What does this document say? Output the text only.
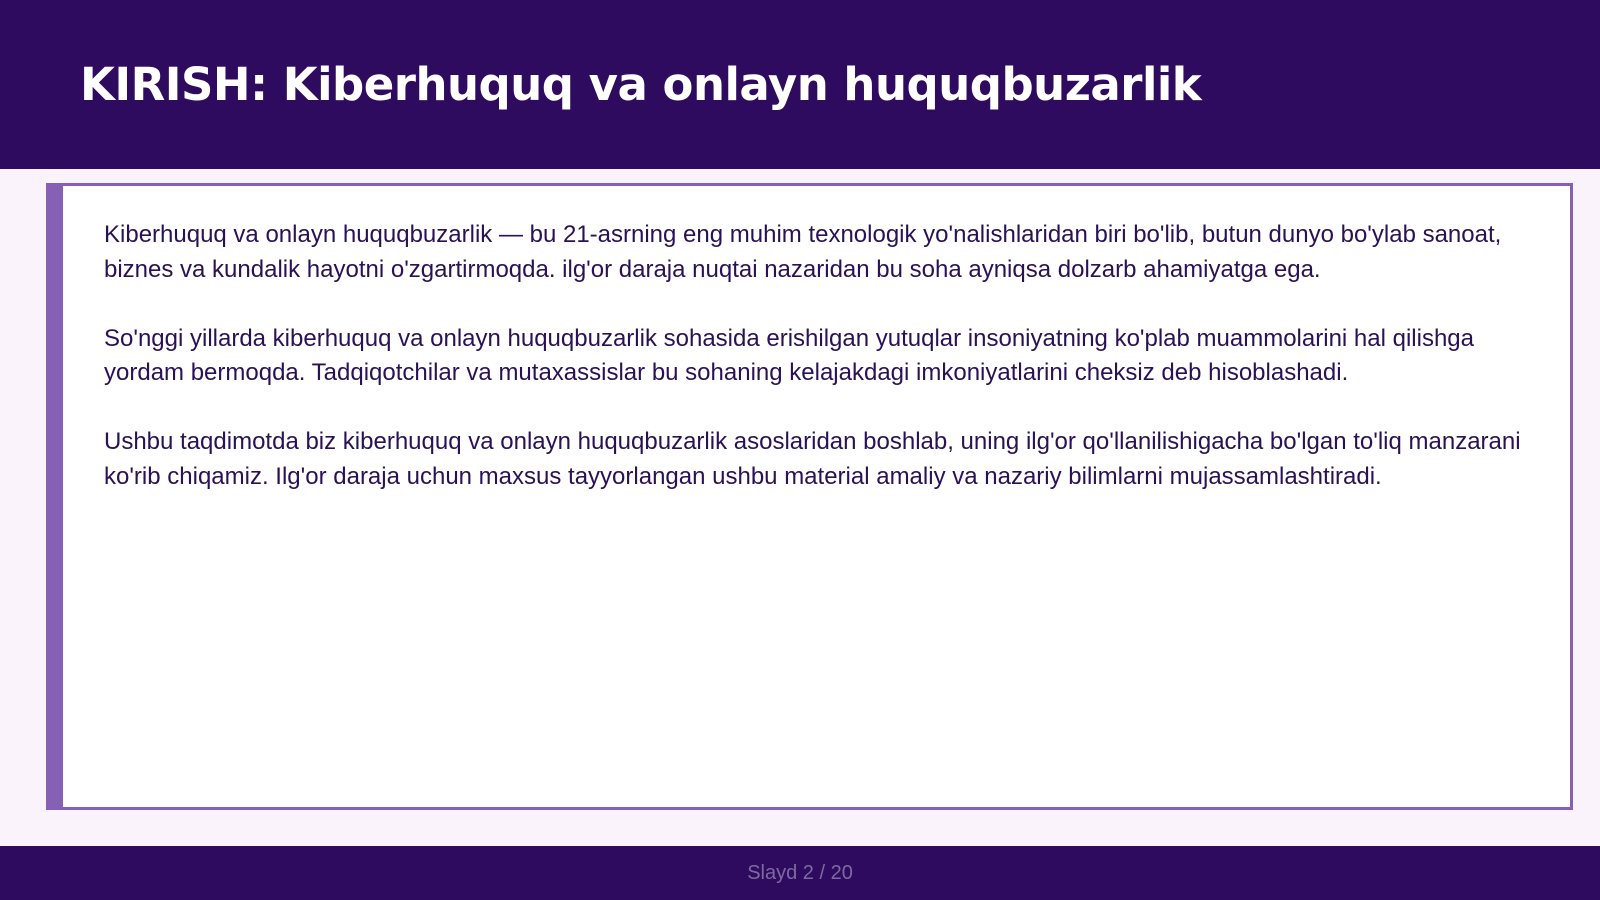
KIRISH: Kiberhuquq va onlayn huquqbuzarlik

Kiberhuquq va onlayn huquqbuzarlik — bu 21-asrning eng muhim texnologik yo'nalishlaridan biri bo'lib, butun dunyo bo'ylab sanoat, biznes va kundalik hayotni o'zgartirmoqda. ilg'or daraja nuqtai nazaridan bu soha ayniqsa dolzarb ahamiyatga ega.

So'nggi yillarda kiberhuquq va onlayn huquqbuzarlik sohasida erishilgan yutuqlar insoniyatning ko'plab muammolarini hal qilishga yordam bermoqda. Tadqiqotchilar va mutaxassislar bu sohaning kelajakdagi imkoniyatlarini cheksiz deb hisoblashadi.

Ushbu taqdimotda biz kiberhuquq va onlayn huquqbuzarlik asoslaridan boshlab, uning ilg'or qo'llanilishigacha bo'lgan to'liq manzarani ko'rib chiqamiz. Ilg'or daraja uchun maxsus tayyorlangan ushbu material amaliy va nazariy bilimlarni mujassamlashtiradi.

Slayd 2 / 20
